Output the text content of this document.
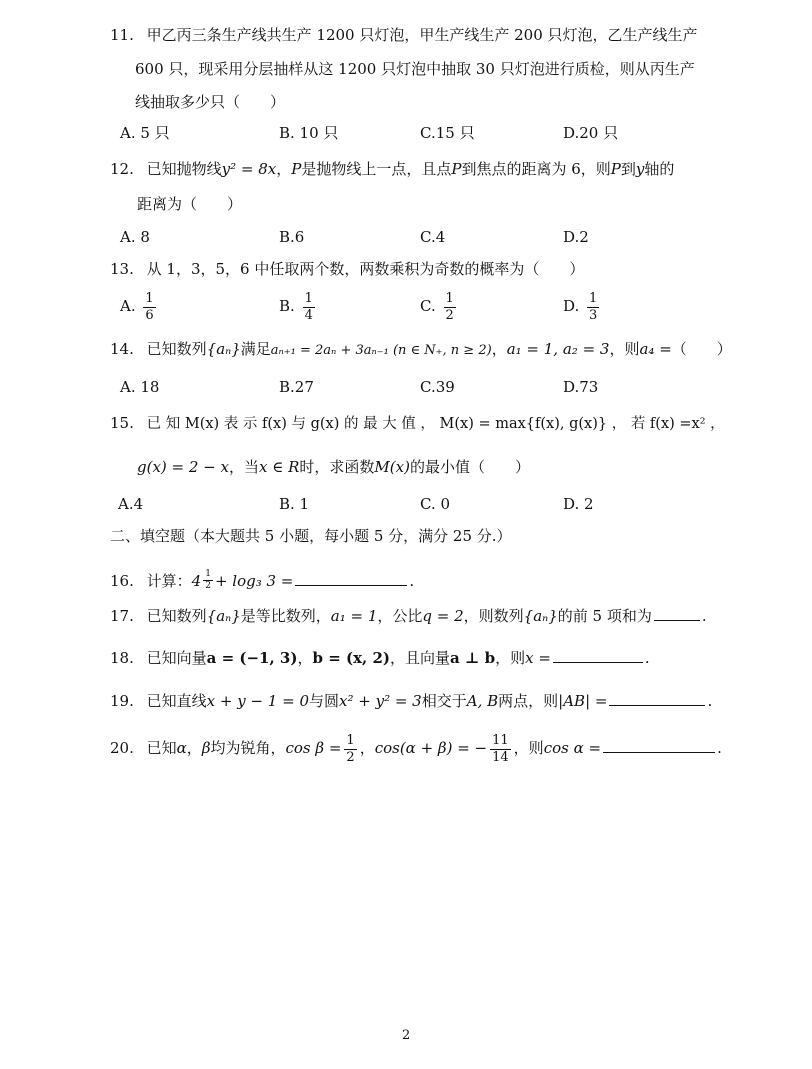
11. 甲乙丙三条生产线共生产 1200 只灯泡，甲生产线生产 200 只灯泡，乙生产线生产
600 只，现采用分层抽样从这 1200 只灯泡中抽取 30 只灯泡进行质检，则从丙生产
线抽取多少只（　　）
A. 5 只	B. 10 只	C.15 只	D.20 只
12. 已知抛物线y² = 8x，P是抛物线上一点，且点P到焦点的距离为 6，则P到y轴的
距离为（　　）
A. 8	B.6	C.4	D.2
13. 从 1，3，5，6 中任取两个数，两数乘积为奇数的概率为（　　）
A. $\frac{1}{6}$	B. $\frac{1}{4}$	C. $\frac{1}{2}$	D. $\frac{1}{3}$
14. 已知数列{aₙ}满足aₙ₊₁ = 2aₙ + 3aₙ₋₁ (n ∈ N₊, n ≥ 2)，a₁ = 1, a₂ = 3，则a₄ =（　　）
A. 18	B.27	C.39	D.73
15. 已 知 M(x) 表 示 f(x) 与 g(x) 的 最 大 值 ， M(x) = max{f(x), g(x)} ， 若 f(x) =x² ，
g(x) = 2 − x，当x ∈ R时，求函数M(x)的最小值（　　）
A.4	B. 1	C. 0	D. 2
二、填空题（本大题共 5 小题，每小题 5 分，满分 25 分.）
16. 计算：$4 \frac{1}{2} + \log_3$ 3 =	.
17. 已知数列{aₙ}是等比数列，a₁ = 1，公比q = 2，则数列{aₙ}的前 5 项和为	.
18. 已知向量a = (−1, 3)，b = (x, 2)，且向量a ⊥ b，则x =	.
19. 已知直线x + y − 1 = 0与圆x² + y² = 3相交于A, B两点，则|AB| =	.
20. 已知α，β均为锐角，$\cos \beta = \frac{1}{2}$ ，cos(α + β) = − $\frac{11}{14}$ ，则cos α =	.
2
